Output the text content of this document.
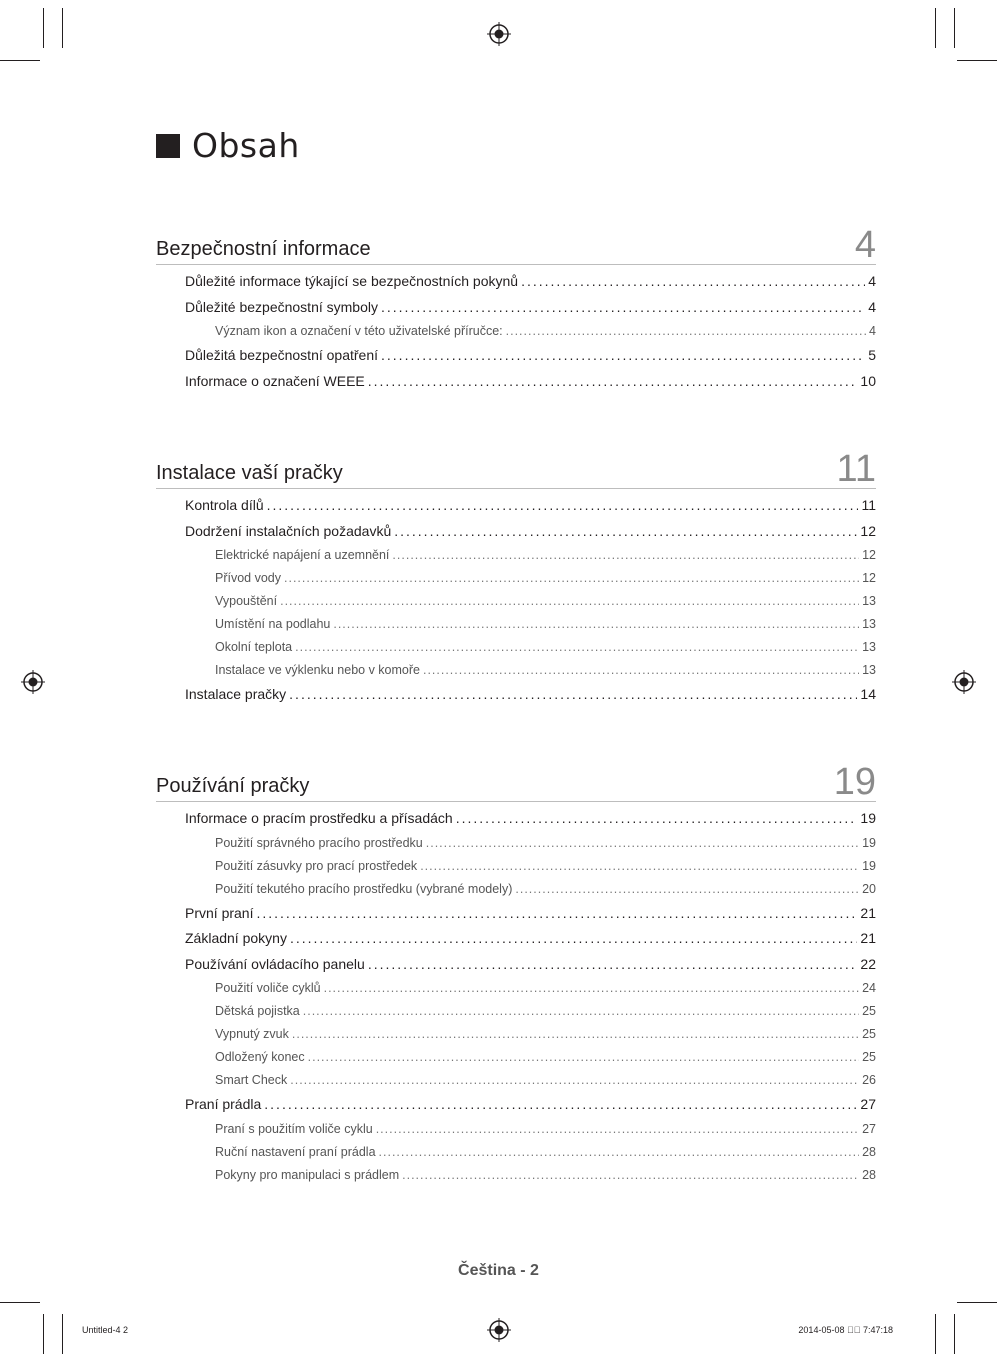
Obsah
Bezpečnostní informace	4
Důležité informace týkající se bezpečnostních pokynů .....	4
Důležité bezpečnostní symboly .....	4
Význam ikon a označení v této uživatelské příručce: .....	4
Důležitá bezpečnostní opatření .....	5
Informace o označení WEEE .....	10
Instalace vaší pračky	11
Kontrola dílů .....	11
Dodržení instalačních požadavků .....	12
Elektrické napájení a uzemnění .....	12
Přívod vody .....	12
Vypouštění .....	13
Umístění na podlahu .....	13
Okolní teplota .....	13
Instalace ve výklenku nebo v komoře .....	13
Instalace pračky .....	14
Používání pračky	19
Informace o pracím prostředku a přísadách .....	19
Použití správného pracího prostředku .....	19
Použití zásuvky pro prací prostředek .....	19
Použití tekutého pracího prostředku (vybrané modely) .....	20
První praní .....	21
Základní pokyny .....	21
Používání ovládacího panelu .....	22
Použití voliče cyklů .....	24
Dětská pojistka .....	25
Vypnutý zvuk .....	25
Odložený konec .....	25
Smart Check .....	26
Praní prádla .....	27
Praní s použitím voliče cyklu .....	27
Ruční nastavení praní prádla .....	28
Pokyny pro manipulaci s prádlem .....	28
Čeština - 2
Untitled-4 2	2014-05-08 ￿￿ 7:47:18
